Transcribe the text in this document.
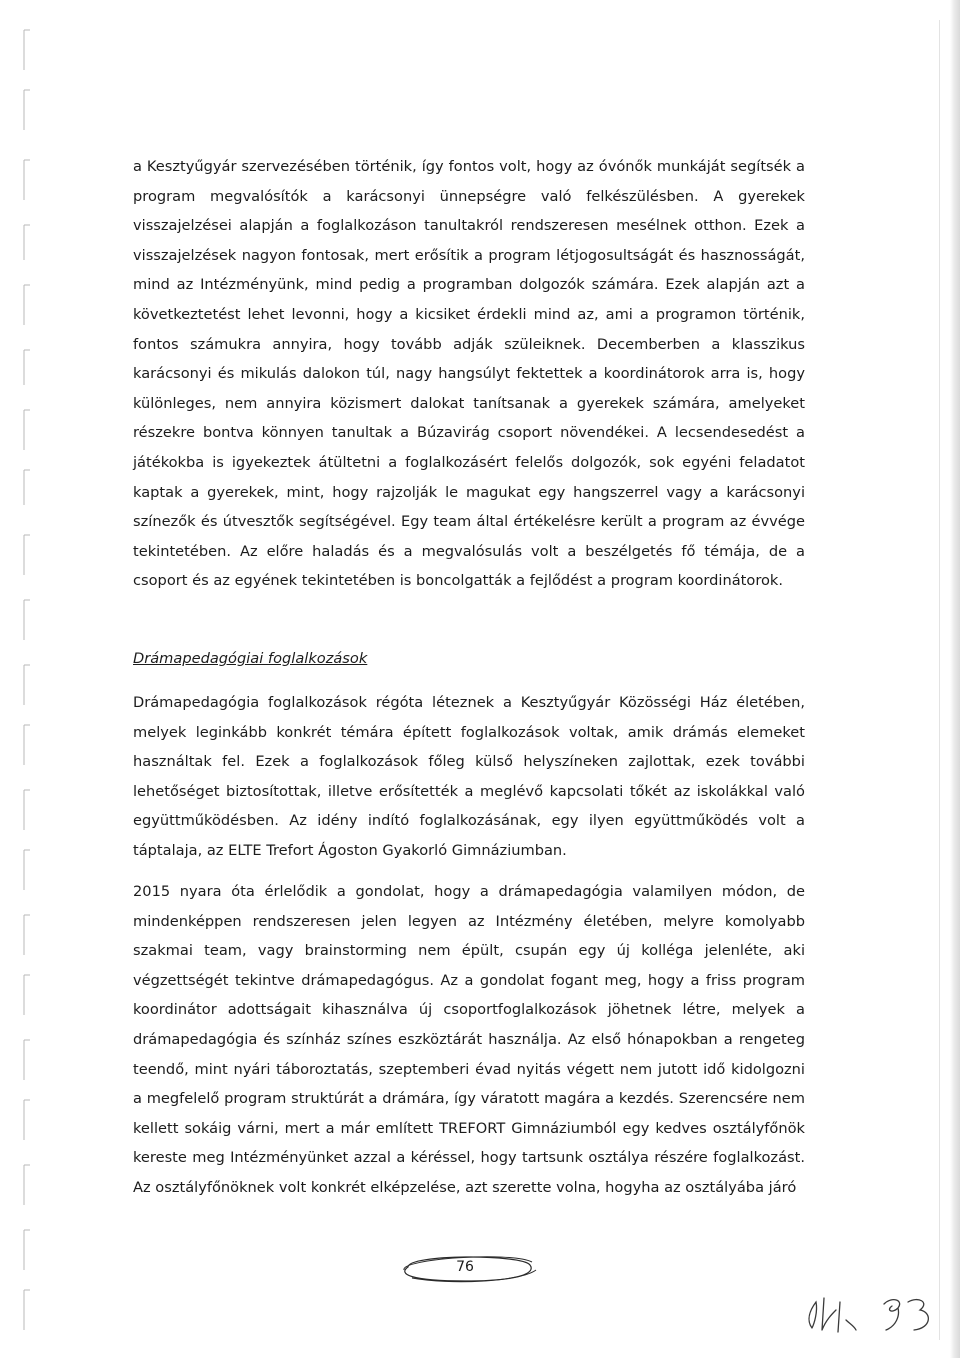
a Kesztyűgyár szervezésében történik, így fontos volt, hogy az óvónők munkáját segítsék a program megvalósítók a karácsonyi ünnepségre való felkészülésben. A gyerekek visszajelzései alapján a foglalkozáson tanultakról rendszeresen mesélnek otthon. Ezek a visszajelzések nagyon fontosak, mert erősítik a program létjogosultságát és hasznosságát, mind az Intézményünk, mind pedig a programban dolgozók számára. Ezek alapján azt a következtetést lehet levonni, hogy a kicsiket érdekli mind az, ami a programon történik, fontos számukra annyira, hogy tovább adják szüleiknek. Decemberben a klasszikus karácsonyi és mikulás dalokon túl, nagy hangsúlyt fektettek a koordinátorok arra is, hogy különleges, nem annyira közismert dalokat tanítsanak a gyerekek számára, amelyeket részekre bontva könnyen tanultak a Búzavirág csoport növendékei. A lecsendesedést a játékokba is igyekeztek átültetni a foglalkozásért felelős dolgozók, sok egyéni feladatot kaptak a gyerekek, mint, hogy rajzolják le magukat egy hangszerrel vagy a karácsonyi színezők és útvesztők segítségével. Egy team által értékelésre került a program az évvége tekintetében. Az előre haladás és a megvalósulás volt a beszélgetés fő témája, de a csoport és az egyének tekintetében is boncolgatták a fejlődést a program koordinátorok.

Drámapedagógiai foglalkozások

Drámapedagógia foglalkozások régóta léteznek a Kesztyűgyár Közösségi Ház életében, melyek leginkább konkrét témára épített foglalkozások voltak, amik drámás elemeket használtak fel. Ezek a foglalkozások főleg külső helyszíneken zajlottak, ezek további lehetőséget biztosítottak, illetve erősítették a meglévő kapcsolati tőkét az iskolákkal való együttműködésben. Az idény indító foglalkozásának, egy ilyen együttműködés volt a táptalaja, az ELTE Trefort Ágoston Gyakorló Gimnáziumban.

2015 nyara óta érlelődik a gondolat, hogy a drámapedagógia valamilyen módon, de mindenképpen rendszeresen jelen legyen az Intézmény életében, melyre komolyabb szakmai team, vagy brainstorming nem épült, csupán egy új kolléga jelenléte, aki végzettségét tekintve drámapedagógus. Az a gondolat fogant meg, hogy a friss program koordinátor adottságait kihasználva új csoportfoglalkozások jöhetnek létre, melyek a drámapedagógia és színház színes eszköztárát használja. Az első hónapokban a rengeteg teendő, mint nyári táboroztatás, szeptemberi évad nyitás végett nem jutott idő kidolgozni a megfelelő program struktúrát a drámára, így váratott magára a kezdés. Szerencsére nem kellett sokáig várni, mert a már említett TREFORT Gimnáziumból egy kedves osztályfőnök kereste meg Intézményünket azzal a kéréssel, hogy tartsunk osztálya részére foglalkozást. Az osztályfőnöknek volt konkrét elképzelése, azt szerette volna, hogyha az osztályába járó

76
